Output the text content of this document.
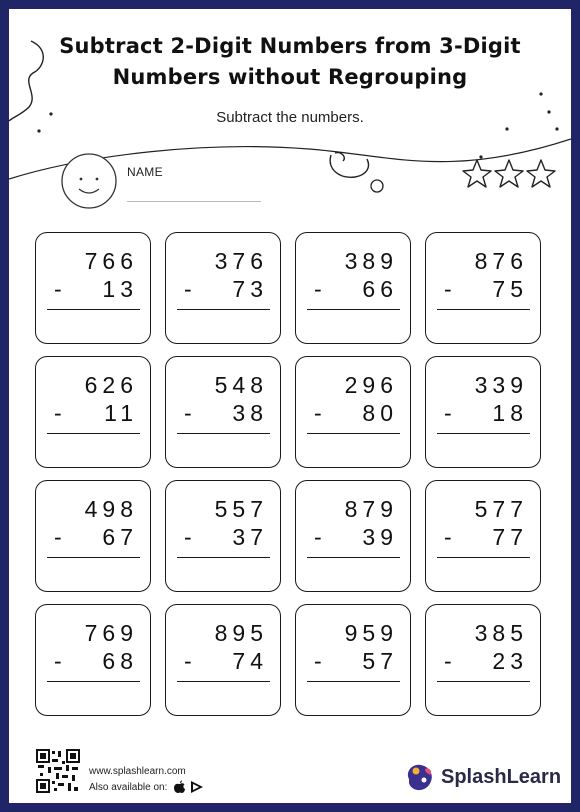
Subtract 2-Digit Numbers from 3-Digit
Numbers without Regrouping
Subtract the numbers.
NAME
766
- 13
376
- 73
389
- 66
876
- 75
626
- 11
548
- 38
296
- 80
339
- 18
498
- 67
557
- 37
879
- 39
577
- 77
769
- 68
895
- 74
959
- 57
385
- 23
www.splashlearn.com
Also available on:	SplashLearn
